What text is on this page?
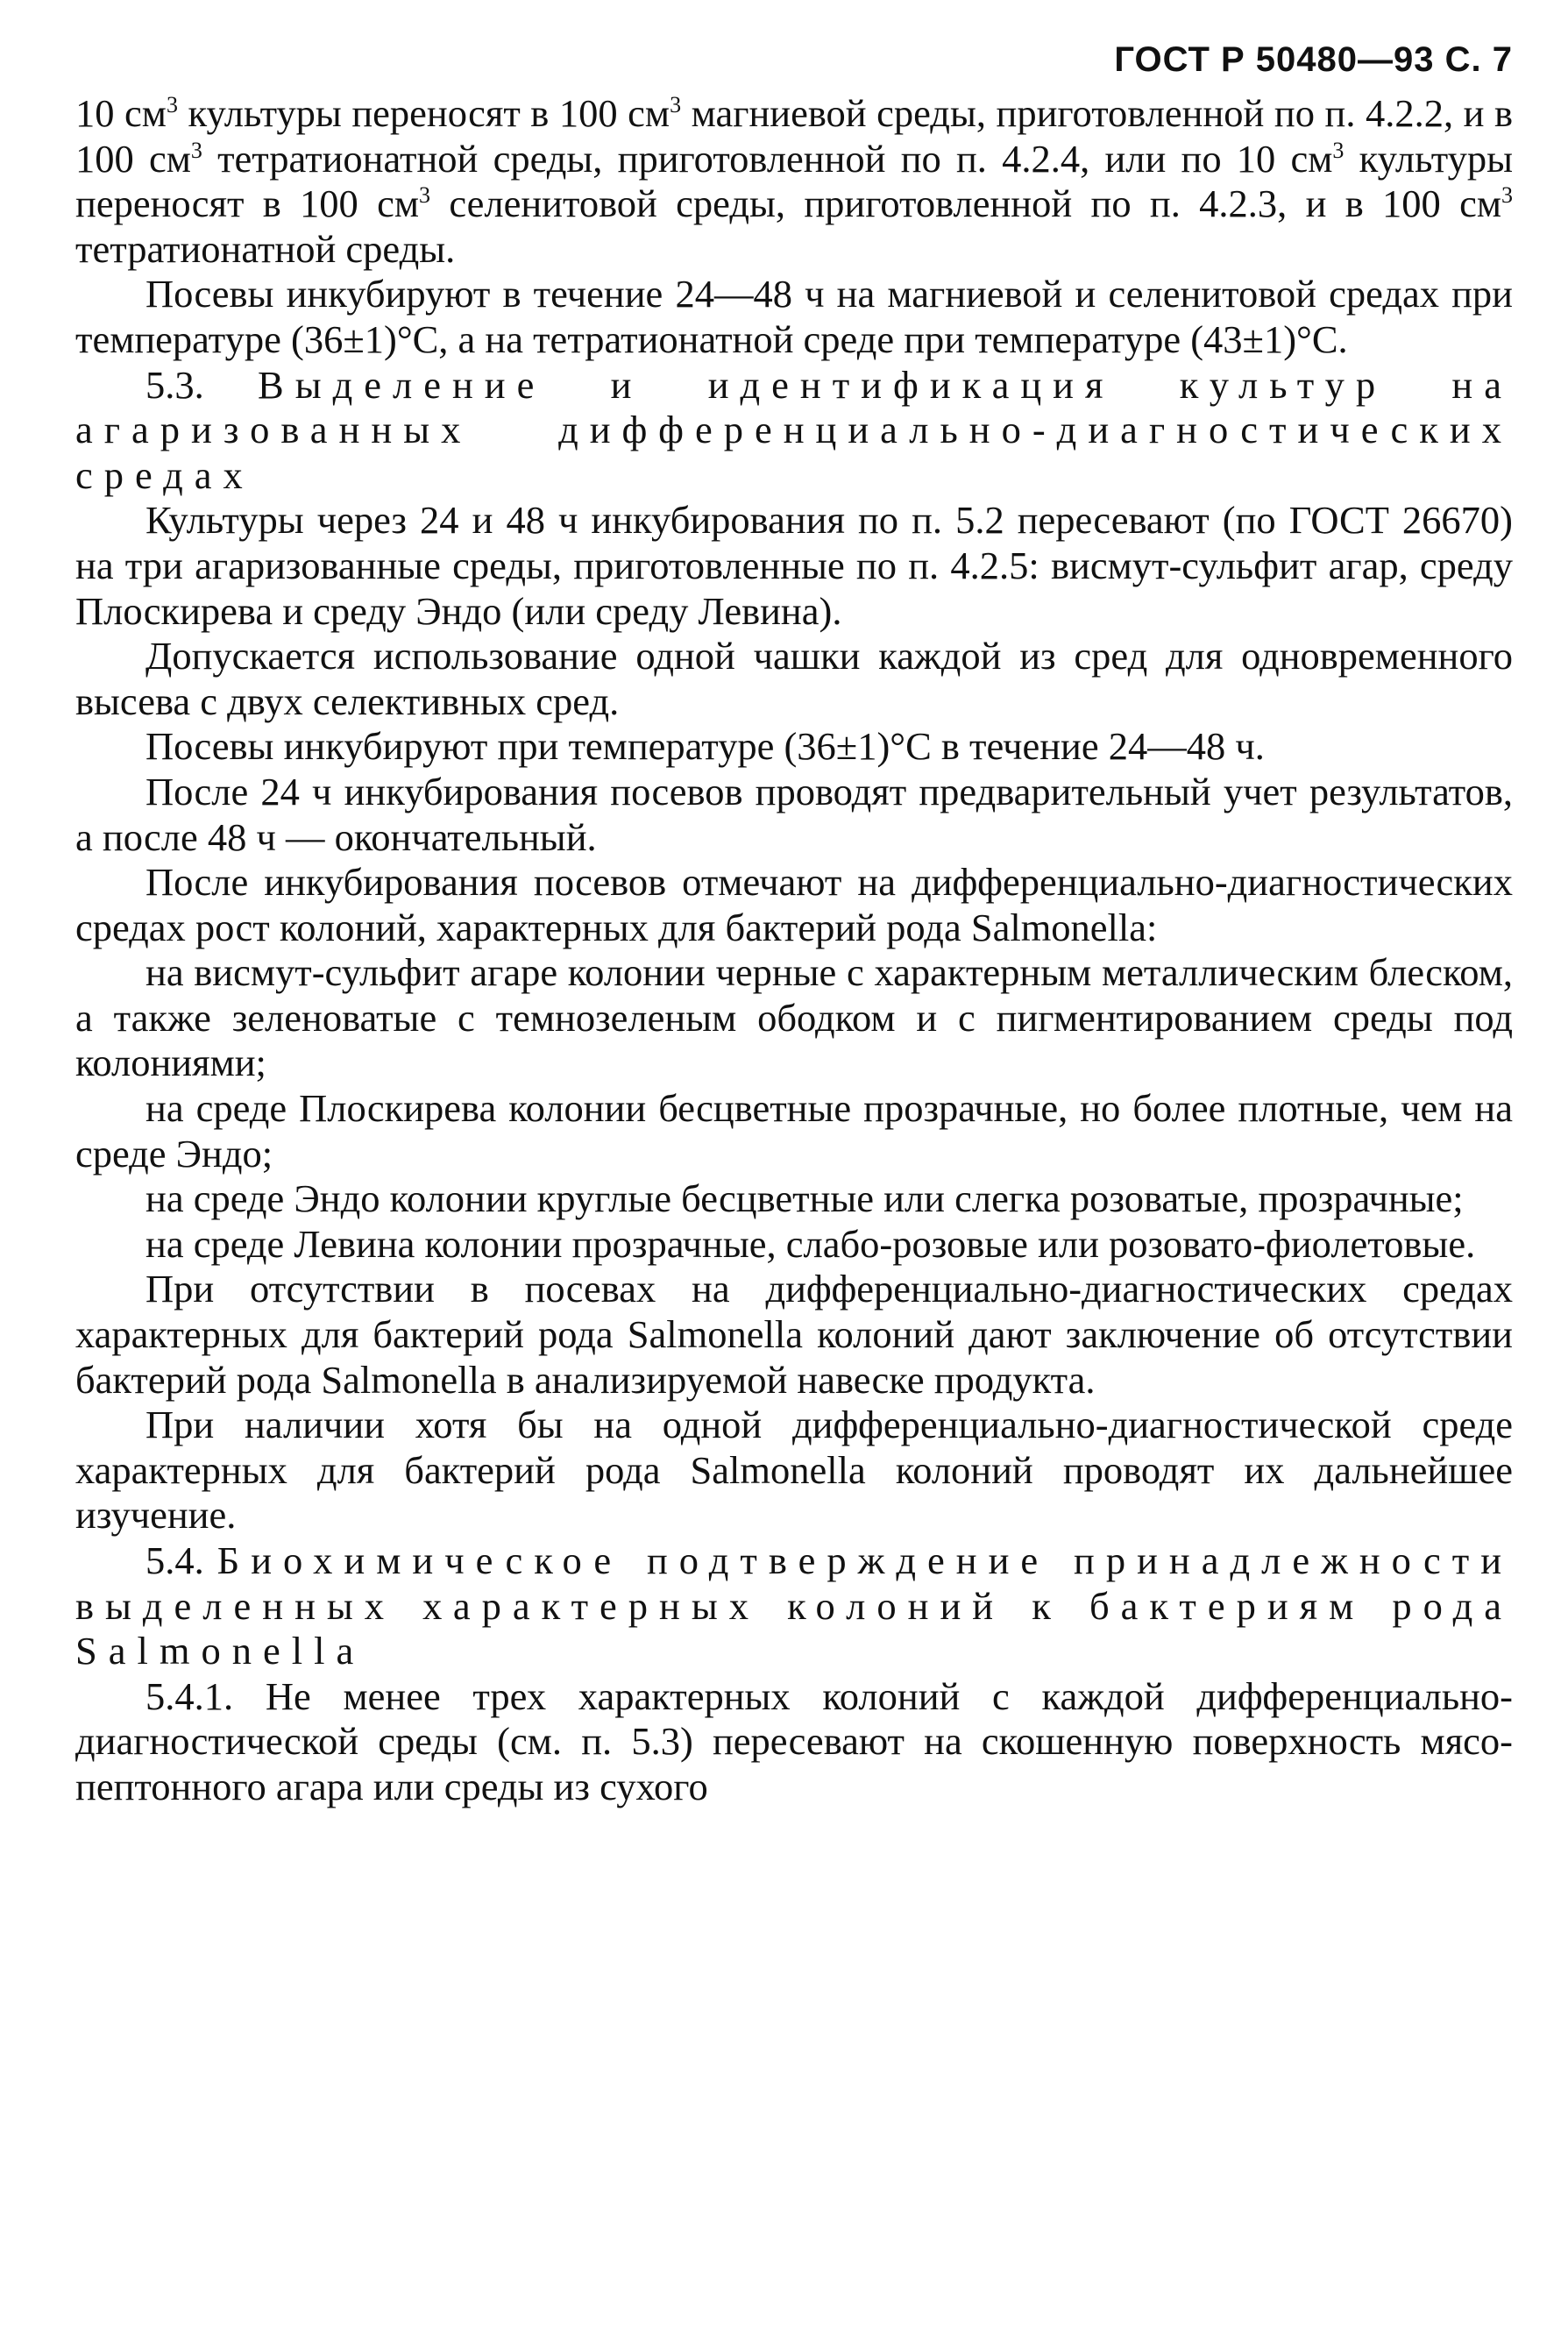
ГОСТ Р 50480—93 С. 7

10 $см^3$ культуры переносят в 100 $см^3$ магниевой среды, приготовленной по п. 4.2.2, и в 100 $см^3$ тетратионатной среды, приготовленной по п. 4.2.4, или по 10 $см^3$ культуры переносят в 100 $см^3$ селенитовой среды, приготовленной по п. 4.2.3, и в 100 $см^3$ тетратионатной среды.

Посевы инкубируют в течение 24—48 ч на магниевой и селенитовой средах при температуре (36±1)°С, а на тетратионатной среде при температуре (43±1)°С.

5.3. Выделение и идентификация культур на агаризованных дифференциально-диагностических средах

Культуры через 24 и 48 ч инкубирования по п. 5.2 пересевают (по ГОСТ 26670) на три агаризованные среды, приготовленные по п. 4.2.5: висмут-сульфит агар, среду Плоскирева и среду Эндо (или среду Левина).

Допускается использование одной чашки каждой из сред для одновременного высева с двух селективных сред.

Посевы инкубируют при температуре (36±1)°С в течение 24—48 ч.

После 24 ч инкубирования посевов проводят предварительный учет результатов, а после 48 ч — окончательный.

После инкубирования посевов отмечают на дифференциально-диагностических средах рост колоний, характерных для бактерий рода Salmonella:

на висмут-сульфит агаре колонии черные с характерным металлическим блеском, а также зеленоватые с темнозеленым ободком и с пигментированием среды под колониями;

на среде Плоскирева колонии бесцветные прозрачные, но более плотные, чем на среде Эндо;

на среде Эндо колонии круглые бесцветные или слегка розоватые, прозрачные;

на среде Левина колонии прозрачные, слабо-розовые или розовато-фиолетовые.

При отсутствии в посевах на дифференциально-диагностических средах характерных для бактерий рода Salmonella колоний дают заключение об отсутствии бактерий рода Salmonella в анализируемой навеске продукта.

При наличии хотя бы на одной дифференциально-диагностической среде характерных для бактерий рода Salmonella колоний проводят их дальнейшее изучение.

5.4. Биохимическое подтверждение принадлежности выделенных характерных колоний к бактериям рода Salmonella

5.4.1. Не менее трех характерных колоний с каждой дифференциально-диагностической среды (см. п. 5.3) пересевают на скошенную поверхность мясо-пептонного агара или среды из сухого
